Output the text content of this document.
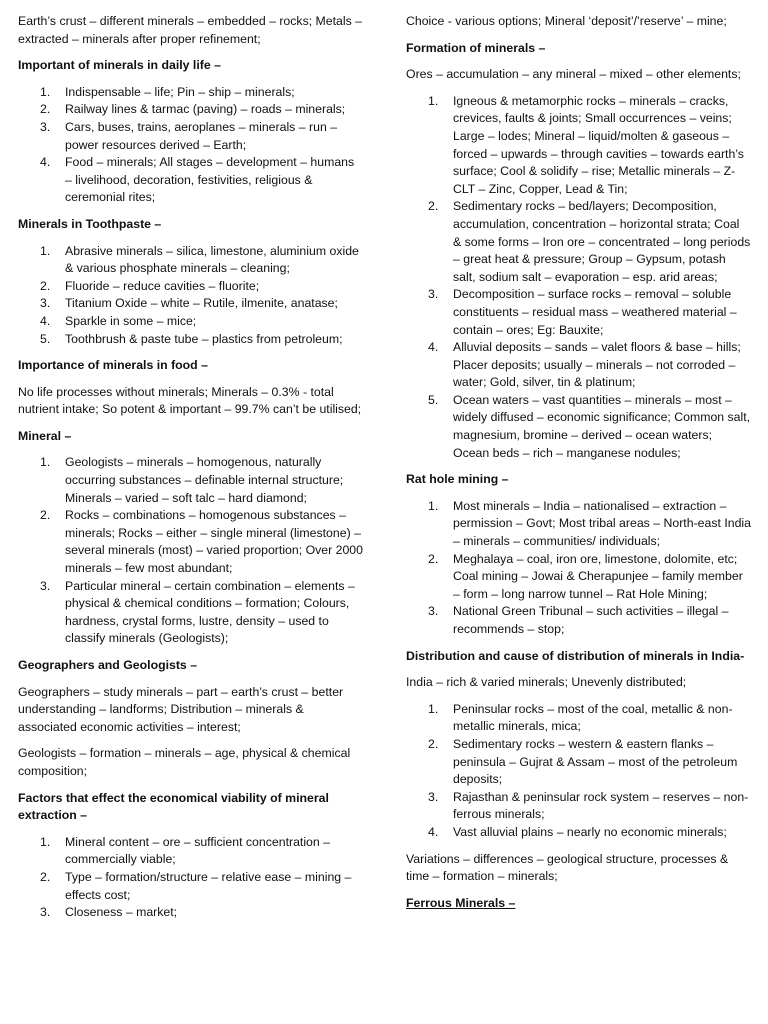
Earth’s crust – different minerals – embedded – rocks; Metals – extracted – minerals after proper refinement;

Important of minerals in daily life –
1. Indispensable – life; Pin – ship – minerals;
2. Railway lines & tarmac (paving) – roads – minerals;
3. Cars, buses, trains, aeroplanes – minerals – run – power resources derived – Earth;
4. Food – minerals; All stages – development – humans – livelihood, decoration, festivities, religious & ceremonial rites;
Minerals in Toothpaste –
1. Abrasive minerals – silica, limestone, aluminium oxide & various phosphate minerals – cleaning;
2. Fluoride – reduce cavities – fluorite;
3. Titanium Oxide – white – Rutile, ilmenite, anatase;
4. Sparkle in some – mice;
5. Toothbrush & paste tube – plastics from petroleum;
Importance of minerals in food –

No life processes without minerals; Minerals – 0.3% - total nutrient intake; So potent & important – 99.7% can’t be utilised;

Mineral –
1. Geologists – minerals – homogenous, naturally occurring substances – definable internal structure; Minerals – varied – soft talc – hard diamond;
2. Rocks – combinations – homogenous substances – minerals; Rocks – either – single mineral (limestone) – several minerals (most) – varied proportion; Over 2000 minerals – few most abundant;
3. Particular mineral – certain combination – elements – physical & chemical conditions – formation; Colours, hardness, crystal forms, lustre, density – used to classify minerals (Geologists);
Geographers and Geologists –

Geographers – study minerals – part – earth’s crust – better understanding – landforms; Distribution – minerals & associated economic activities – interest;

Geologists – formation – minerals – age, physical & chemical composition;

Factors that effect the economical viability of mineral extraction –
1. Mineral content – ore – sufficient concentration – commercially viable;
2. Type – formation/structure – relative ease – mining – effects cost;
3. Closeness – market;

Choice - various options; Mineral ‘deposit’/’reserve’ – mine;

Formation of minerals –

Ores – accumulation – any mineral – mixed – other elements;

1. Igneous & metamorphic rocks – minerals – cracks, crevices, faults & joints; Small occurrences – veins; Large – lodes; Mineral – liquid/molten & gaseous – forced – upwards – through cavities – towards earth’s surface; Cool & solidify – rise; Metallic minerals – Z- CLT – Zinc, Copper, Lead & Tin;
2. Sedimentary rocks – bed/layers; Decomposition, accumulation, concentration – horizontal strata; Coal & some forms – Iron ore – concentrated – long periods – great heat & pressure; Group – Gypsum, potash salt, sodium salt – evaporation – esp. arid areas;
3. Decomposition – surface rocks – removal – soluble constituents – residual mass – weathered material – contain – ores; Eg: Bauxite;
4. Alluvial deposits – sands – valet floors & base – hills; Placer deposits; usually – minerals – not corroded – water; Gold, silver, tin & platinum;
5. Ocean waters – vast quantities – minerals – most – widely diffused – economic significance; Common salt, magnesium, bromine – derived – ocean waters; Ocean beds – rich – manganese nodules;
Rat hole mining –
1. Most minerals – India – nationalised – extraction – permission – Govt; Most tribal areas – North-east India – minerals – communities/ individuals;
2. Meghalaya – coal, iron ore, limestone, dolomite, etc; Coal mining – Jowai & Cherapunjee – family member – form – long narrow tunnel – Rat Hole Mining;
3. National Green Tribunal – such activities – illegal – recommends – stop;
Distribution and cause of distribution of minerals in India-

India – rich & varied minerals; Unevenly distributed;

1. Peninsular rocks – most of the coal, metallic & non-metallic minerals, mica;
2. Sedimentary rocks – western & eastern flanks – peninsula – Gujrat & Assam – most of the petroleum deposits;
3. Rajasthan & peninsular rock system – reserves – non-ferrous minerals;
4. Vast alluvial plains – nearly no economic minerals;

Variations – differences – geological structure, processes & time – formation – minerals;

Ferrous Minerals –
